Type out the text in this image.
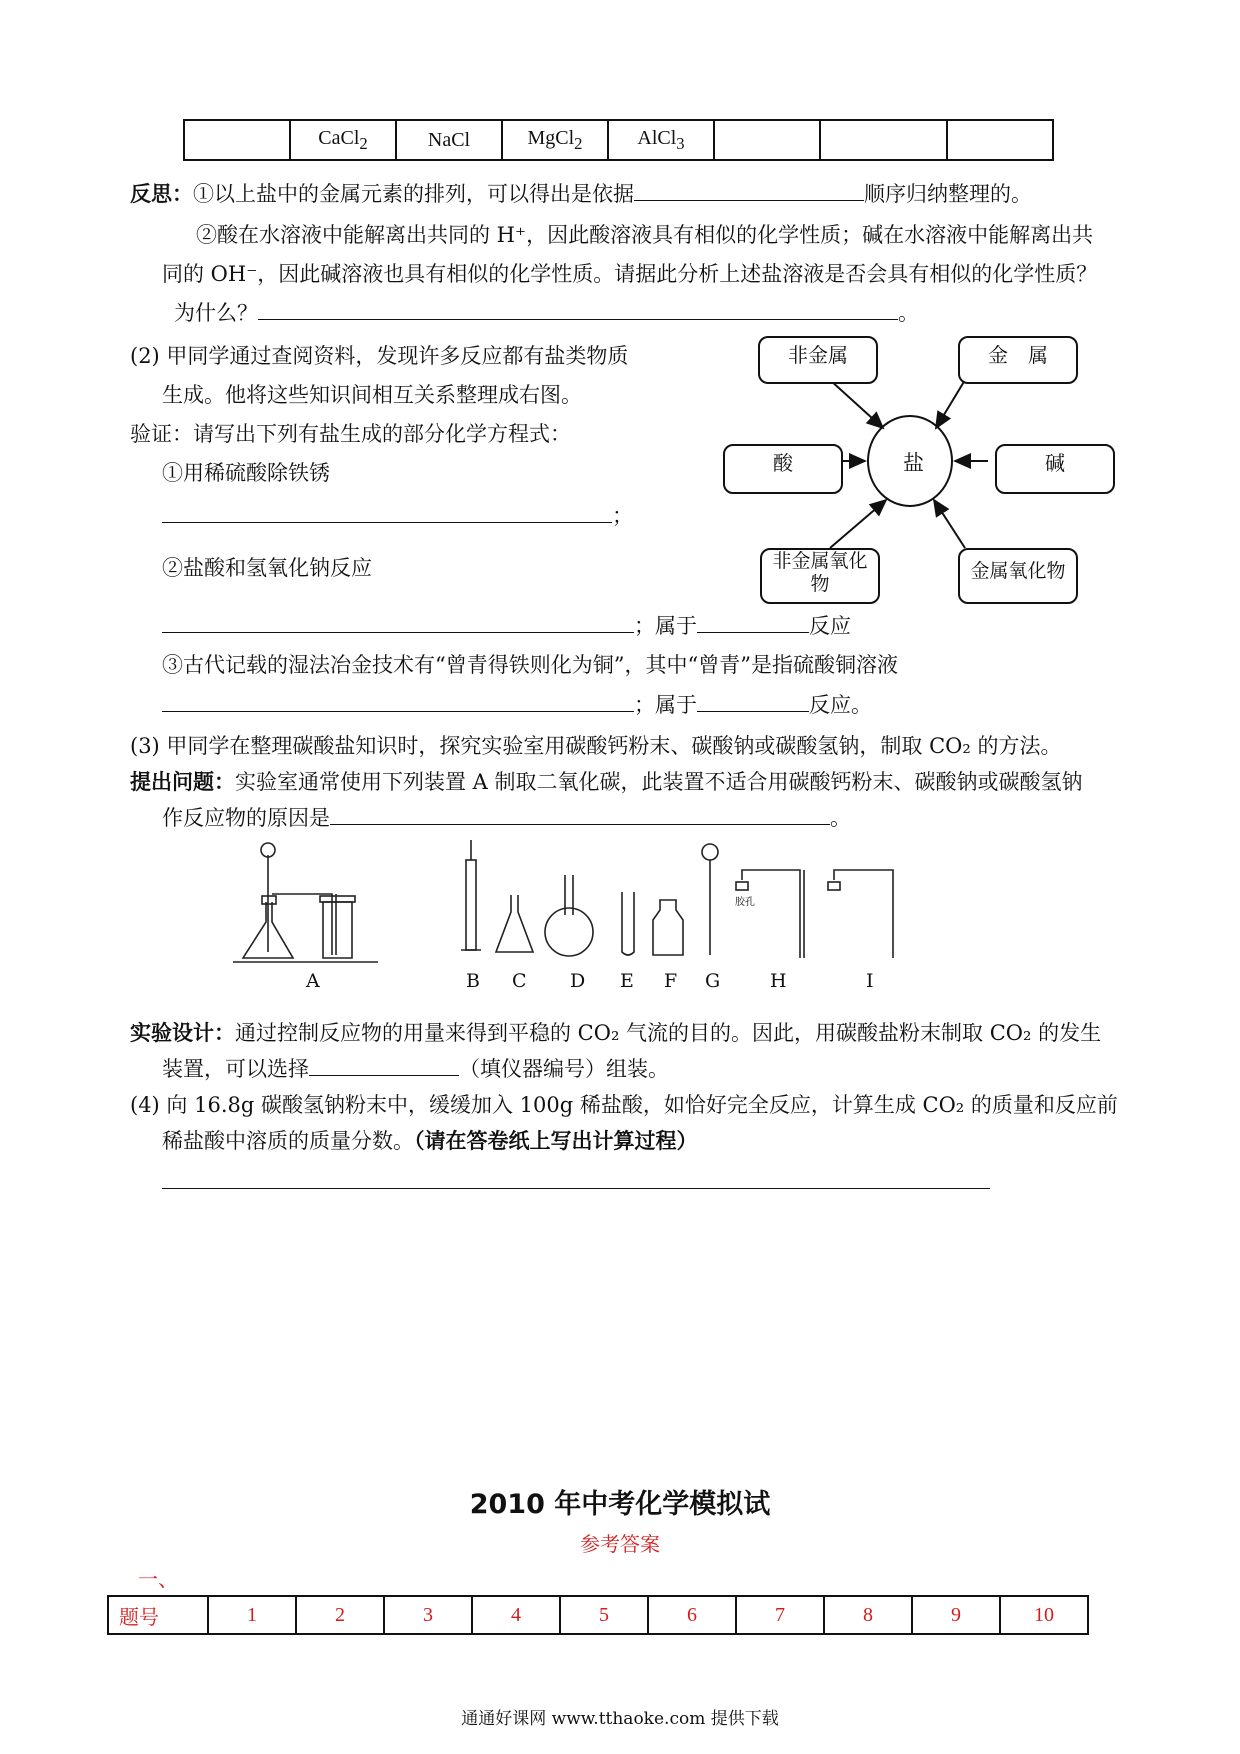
	CaCl$_2$	NaCl	MgCl$_2$	AlCl$_3$			
反思：①以上盐中的金属元素的排列，可以得出是依据	顺序归纳整理的。
②酸在水溶液中能解离出共同的 H⁺，因此酸溶液具有相似的化学性质；碱在水溶液中能解离出共
同的 OH⁻，因此碱溶液也具有相似的化学性质。请据此分析上述盐溶液是否会具有相似的化学性质？
为什么？	。
(2) 甲同学通过查阅资料，发现许多反应都有盐类物质
生成。他将这些知识间相互关系整理成右图。
验证：请写出下列有盐生成的部分化学方程式：
①用稀硫酸除铁锈
；
②盐酸和氢氧化钠反应
；属于	反应
③古代记载的湿法冶金技术有“曾青得铁则化为铜”，其中“曾青”是指硫酸铜溶液
；属于	反应。
盐
非金属	金　属
酸	碱
非金属氧化
物
金属氧化物
(3) 甲同学在整理碳酸盐知识时，探究实验室用碳酸钙粉末、碳酸钠或碳酸氢钠，制取 CO₂ 的方法。
提出问题：实验室通常使用下列装置 A 制取二氧化碳，此装置不适合用碳酸钙粉末、碳酸钠或碳酸氢钠
作反应物的原因是	。
胶孔
A	B C D E F G	H	I
实验设计：通过控制反应物的用量来得到平稳的 CO₂ 气流的目的。因此，用碳酸盐粉末制取 CO₂ 的发生
装置，可以选择	（填仪器编号）组装。
(4) 向 16.8g 碳酸氢钠粉末中，缓缓加入 100g 稀盐酸，如恰好完全反应，计算生成 CO₂ 的质量和反应前
稀盐酸中溶质的质量分数。（请在答卷纸上写出计算过程）
2010 年中考化学模拟试
参考答案
一、
题号	1	2	3	4	5	6	7	8	9	10
通通好课网 www.tthaoke.com 提供下载
